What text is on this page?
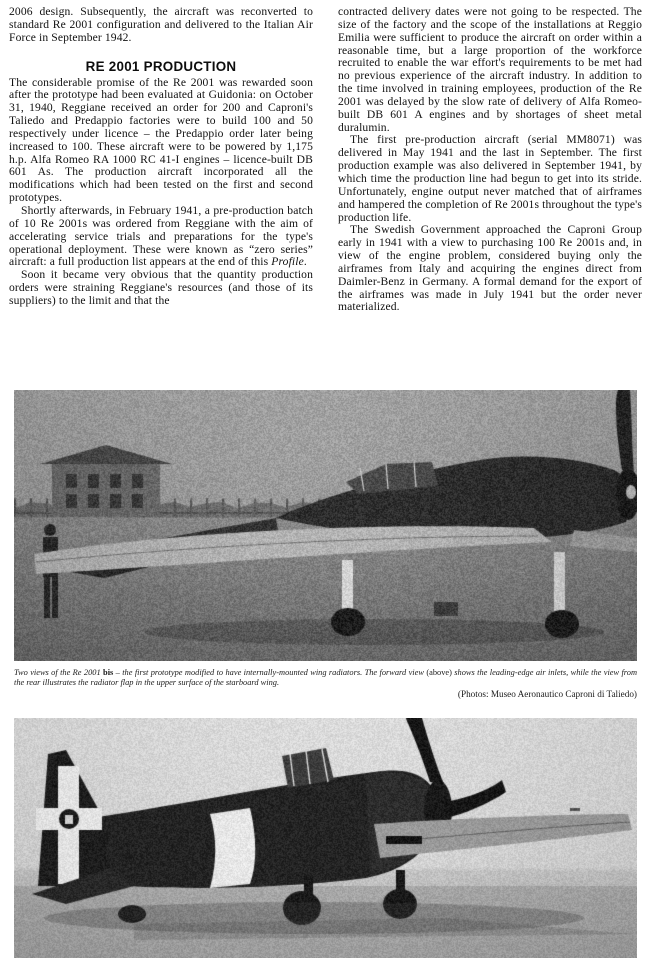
2006 design. Subsequently, the aircraft was reconverted to standard Re 2001 configuration and delivered to the Italian Air Force in September 1942.

RE 2001 PRODUCTION

The considerable promise of the Re 2001 was rewarded soon after the prototype had been evaluated at Guidonia: on October 31, 1940, Reggiane received an order for 200 and Caproni's Taliedo and Predappio factories were to build 100 and 50 respectively under licence – the Predappio order later being increased to 100. These aircraft were to be powered by 1,175 h.p. Alfa Romeo RA 1000 RC 41-I engines – licence-built DB 601 As. The production aircraft incorporated all the modifications which had been tested on the first and second prototypes.

Shortly afterwards, in February 1941, a pre-production batch of 10 Re 2001s was ordered from Reggiane with the aim of accelerating service trials and preparations for the type's operational deployment. These were known as “zero series” aircraft: a full production list appears at the end of this Profile.

Soon it became very obvious that the quantity production orders were straining Reggiane's resources (and those of its suppliers) to the limit and that the

contracted delivery dates were not going to be respected. The size of the factory and the scope of the installations at Reggio Emilia were sufficient to produce the aircraft on order within a reasonable time, but a large proportion of the workforce recruited to enable the war effort's requirements to be met had no previous experience of the aircraft industry. In addition to the time involved in training employees, production of the Re 2001 was delayed by the slow rate of delivery of Alfa Romeo-built DB 601 A engines and by shortages of sheet metal duralumin.

The first pre-production aircraft (serial MM8071) was delivered in May 1941 and the last in September. The first production example was also delivered in September 1941, by which time the production line had begun to get into its stride. Unfortunately, engine output never matched that of airframes and hampered the completion of Re 2001s throughout the type's production life.

The Swedish Government approached the Caproni Group early in 1941 with a view to purchasing 100 Re 2001s and, in view of the engine problem, considered buying only the airframes from Italy and acquiring the engines direct from Daimler-Benz in Germany. A formal demand for the export of the airframes was made in July 1941 but the order never materialized.

Two views of the Re 2001 bis – the first prototype modified to have internally-mounted wing radiators. The forward view (above) shows the leading-edge air inlets, while the view from the rear illustrates the radiator flap in the upper surface of the starboard wing.

(Photos: Museo Aeronautico Caproni di Taliedo)
